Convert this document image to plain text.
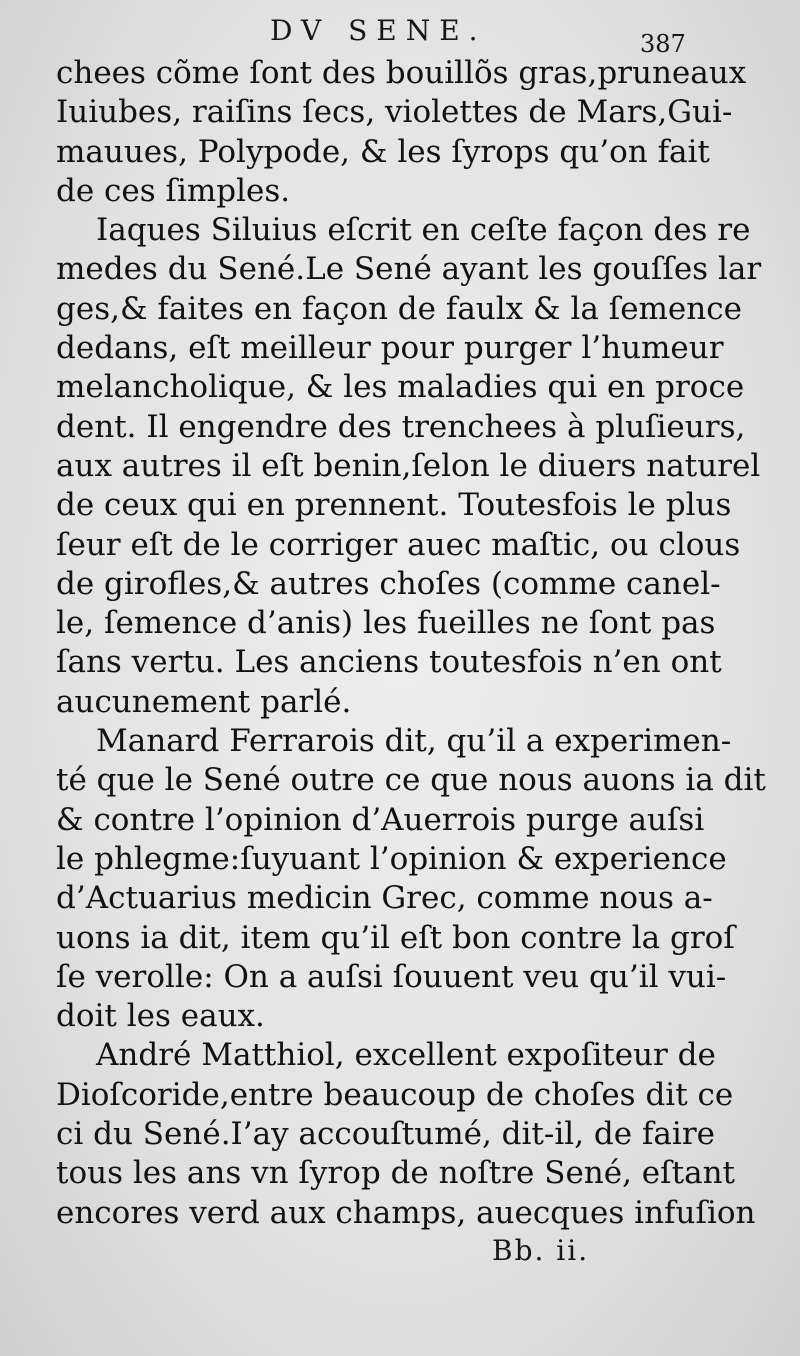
DV SENE.	387
chees cõme ſont des bouillõs gras,pruneaux
Iuiubes, raiſins ſecs, violettes de Mars,Gui-
mauues, Polypode, & les ſyrops qu’on fait
de ces ſimples.
Iaques Siluius eſcrit en ceſte façon des re
medes du Sené.Le Sené ayant les gouſſes lar
ges,& faites en façon de faulx & la ſemence
dedans, eſt meilleur pour purger l’humeur
melancholique, & les maladies qui en proce
dent. Il engendre des trenchees à pluſieurs,
aux autres il eſt benin,ſelon le diuers naturel
de ceux qui en prennent. Toutesfois le plus
ſeur eſt de le corriger auec maſtic, ou clous
de girofles,& autres choſes (comme canel-
le, ſemence d’anis) les fueilles ne ſont pas
ſans vertu. Les anciens toutesfois n’en ont
aucunement parlé.
Manard Ferrarois dit, qu’il a experimen-
té que le Sené outre ce que nous auons ia dit
& contre l’opinion d’Auerrois purge auſsi
le phlegme:ſuyuant l’opinion & experience
d’Actuarius medicin Grec, comme nous a-
uons ia dit, item qu’il eſt bon contre la groſ
ſe verolle: On a auſsi ſouuent veu qu’il vui-
doit les eaux.
André Matthiol, excellent expoſiteur de
Dioſcoride,entre beaucoup de choſes dit ce
ci du Sené.I’ay accouſtumé, dit-il, de faire
tous les ans vn ſyrop de noſtre Sené, eſtant
encores verd aux champs, auecques infuſion
Bb. ii.
